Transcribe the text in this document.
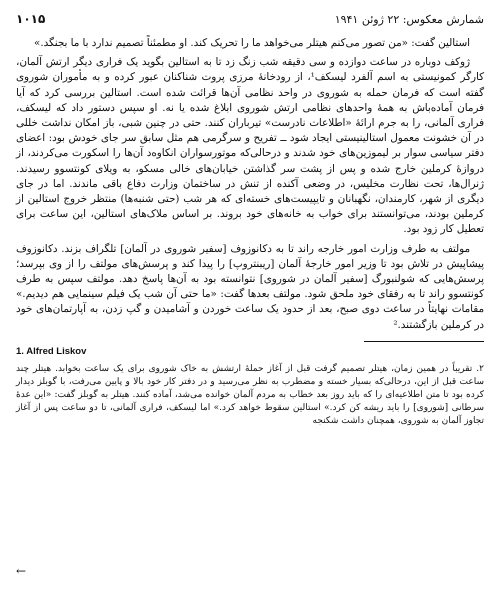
۱۰۱۵	شمارش معکوس: ۲۲ ژوئن ۱۹۴۱

استالین گفت: «من تصور می‌کنم هیتلر می‌خواهد ما را تحریک کند. او مطمئناً تصمیم ندارد با ما بجنگد.»

ژوکف دوباره در ساعت دوازده و سی دقیقه شب زنگ زد تا به استالین بگوید یک فراری دیگر ارتش آلمان، کارگر کمونیستی به اسم آلفرد لیسکف¹، از رودخانهٔ مرزی پروت شناکنان عبور کرده و به مأموران شوروی گفته است که فرمان حمله به شوروی در واحد نظامی آن‌ها قرائت شده است. استالین بررسی کرد که آیا فرمان آماده‌باش به همهٔ واحدهای نظامی ارتش شوروی ابلاغ شده یا نه. او سپس دستور داد که لیسکف، فراری آلمانی، را به جرم ارائهٔ «اطلاعات نادرست» تیرباران کنند. حتی در چنین شبی، باز امکان نداشت خللی در آن خشونت معمول استالینیستی ایجاد شود ــ تفریح و سرگرمی هم مثل سابق سر جای خودش بود: اعضای دفتر سیاسی سوار بر لیموزین‌های خود شدند و درحالی‌که موتورسواران انکاوه‌د آن‌ها را اسکورت می‌کردند، از دروازهٔ کرملین خارج شده و پس از پشت سر گذاشتن خیابان‌های خالی مسکو، به ویلای کونتسوو رسیدند. ژنرال‌ها، تحت نظارت مخلیس، در وضعی آکنده از تنش در ساختمان وزارت دفاع باقی ماندند. اما در جای دیگری از شهر، کارمندان، نگهبانان و تایپیست‌های خسته‌ای که هر شب (حتی شنبه‌ها) منتظر خروج استالین از کرملین بودند، می‌توانستند برای خواب به خانه‌های خود بروند. بر اساس ملاک‌های استالین، این ساعت برای تعطیل کار زود بود.

مولتف به طرف وزارت امور خارجه راند تا به دکانوزوف [سفیر شوروی در آلمان] تلگراف بزند. دکانوزوف پیشاپیش در تلاش بود تا وزیر امور خارجهٔ آلمان [ریبنتروپ] را پیدا کند و پرسش‌های مولتف را از وی بپرسد؛ پرسش‌هایی که شولنبورگ [سفیر آلمان در شوروی] نتوانسته بود به آن‌ها پاسخ دهد. مولتف سپس به طرف کونتسوو راند تا به رفقای خود ملحق شود. مولتف بعدها گفت: «ما حتی آن شب یک فیلم سینمایی هم دیدیم.» مقامات نهایتاً در ساعت دوی صبح، بعد از حدود یک ساعت خوردن و آشامیدن و گپ زدن، به آپارتمان‌های خود در کرملین بازگشتند.²

1. Alfred Liskov

۲. تقریباً در همین زمان، هیتلر تصمیم گرفت قبل از آغاز حملهٔ ارتشش به خاک شوروی برای یک ساعت بخوابد. هیتلر چند ساعت قبل از این، درحالی‌که بسیار خسته و مضطرب به نظر می‌رسید و در دفتر کار خود بالا و پایین می‌رفت، با گوبلز دیدار کرده بود تا متن اطلاعیه‌ای را که باید روز بعد خطاب به مردم آلمان خوانده می‌شد، آماده کنند. هیتلر به گوبلز گفت: «این عدهٔ سرطانی [شوروی] را باید ریشه کن کرد.» استالین سقوط خواهد کرد.» اما لیسکف، فراری آلمانی، تا دو ساعت پس از آغاز تجاوز آلمان به شوروی، همچنان داشت شکنجه

←
